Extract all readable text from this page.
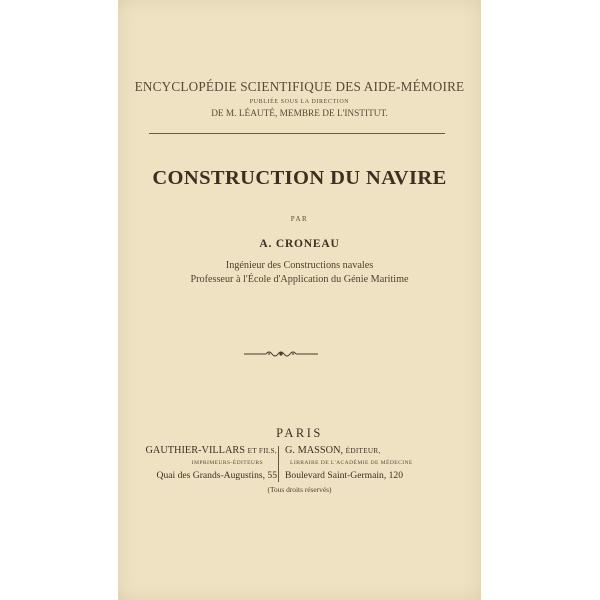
ENCYCLOPÉDIE SCIENTIFIQUE DES AIDE-MÉMOIRE
PUBLIÉE SOUS LA DIRECTION
DE M. LÉAUTÉ, MEMBRE DE L'INSTITUT.
CONSTRUCTION DU NAVIRE
PAR
A. CRONEAU
Ingénieur des Constructions navales
Professeur à l'École d'Application du Génie Maritime
PARIS
GAUTHIER-VILLARS ET FILS,
IMPRIMEURS-ÉDITEURS
Quai des Grands-Augustins, 55
G. MASSON, ÉDITEUR,
LIBRAIRE DE L'ACADÉMIE DE MÉDECINE
Boulevard Saint-Germain, 120
(Tous droits réservés)
